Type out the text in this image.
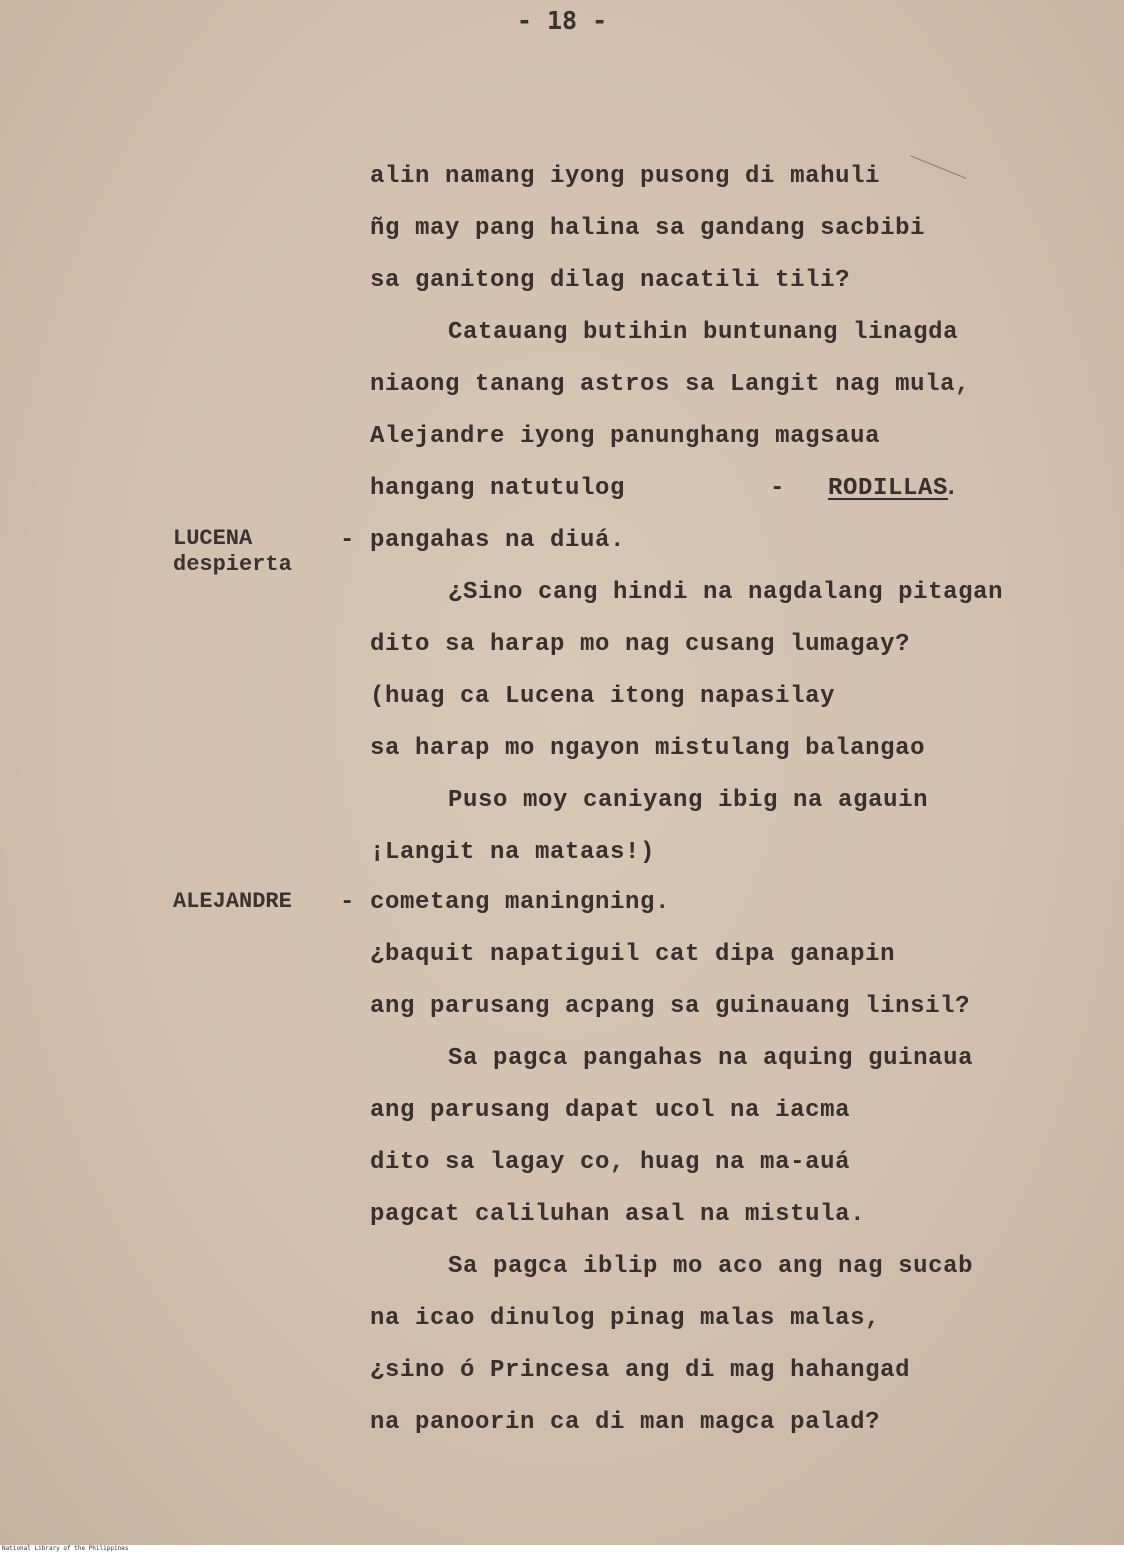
- 18 -
alin namang iyong pusong di mahuli
ñg may pang halina sa gandang sacbibi
sa ganitong dilag nacatili tili?
Catauang butihin buntunang linagda
niaong tanang astros sa Langit nag mula,
Alejandre iyong panunghang magsaua
hangang natutulog	- RODILLAS
.
LUCENA
despierta
- pangahas na diuá.
¿Sino cang hindi na nagdalang pitagan
dito sa harap mo nag cusang lumagay?
(huag ca Lucena itong napasilay
sa harap mo ngayon mistulang balangao
Puso moy caniyang ibig na agauin
¡Langit na mataas!)
ALEJANDRE - cometang maningning.
¿baquit napatiguil cat dipa ganapin
ang parusang acpang sa guinauang linsil?
Sa pagca pangahas na aquing guinaua
ang parusang dapat ucol na iacma
dito sa lagay co, huag na ma-auá
pagcat caliluhan asal na mistula.
Sa pagca iblip mo aco ang nag sucab
na icao dinulog pinag malas malas,
¿sino ó Princesa ang di mag hahangad
na panoorin ca di man magca palad?
National Library of the Philippines
